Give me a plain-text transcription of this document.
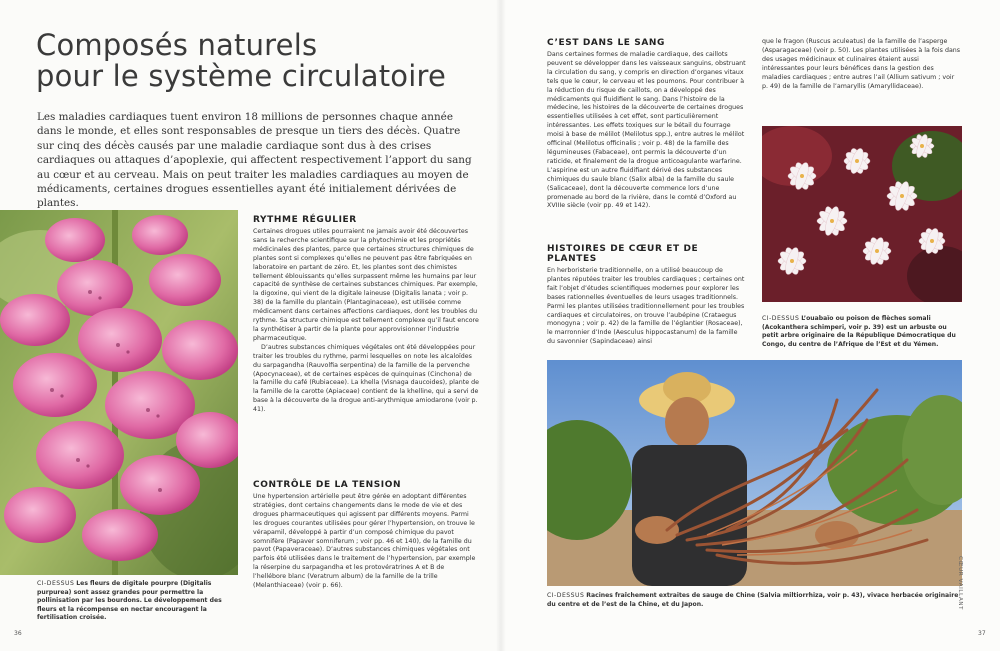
Composés naturels
pour le système circulatoire

Les maladies cardiaques tuent environ 18 millions de personnes chaque année dans le monde, et elles sont responsables de presque un tiers des décès. Quatre sur cinq des décès causés par une maladie cardiaque sont dus à des crises cardiaques ou attaques d’apoplexie, qui affectent respectivement l’apport du sang au cœur et au cerveau. Mais on peut traiter les maladies cardiaques au moyen de médicaments, certaines drogues essentielles ayant été initialement dérivées de plantes.

CI-DESSUS Les fleurs de digitale pourpre (Digitalis purpurea) sont assez grandes pour permettre la pollinisation par les bourdons. Le développement des fleurs et la récompense en nectar encouragent la fertilisation croisée.

RYTHME RÉGULIER

Certaines drogues utiles pourraient ne jamais avoir été découvertes sans la recherche scientifique sur la phytochimie et les propriétés médicinales des plantes, parce que certaines structures chimiques de plantes sont si complexes qu’elles ne peuvent pas être fabriquées en laboratoire en partant de zéro. Et, les plantes sont des chimistes tellement éblouissants qu’elles surpassent même les humains par leur capacité de synthèse de certaines substances chimiques. Par exemple, la digoxine, qui vient de la digitale laineuse (Digitalis lanata ; voir p. 38) de la famille du plantain (Plantaginaceae), est utilisée comme médicament dans certaines affections cardiaques, dont les troubles du rythme. Sa structure chimique est tellement complexe qu’il faut encore la synthétiser à partir de la plante pour approvisionner l’industrie pharmaceutique.

D’autres substances chimiques végétales ont été développées pour traiter les troubles du rythme, parmi lesquelles on note les alcaloïdes du sarpagandha (Rauvolfia serpentina) de la famille de la pervenche (Apocynaceae), et de certaines espèces de quinquinas (Cinchona) de la famille du café (Rubiaceae). La khella (Visnaga daucoides), plante de la famille de la carotte (Apiaceae) contient de la khelline, qui a servi de base à la découverte de la drogue anti-arythmique amiodarone (voir p. 41).

CONTRÔLE DE LA TENSION

Une hypertension artérielle peut être gérée en adoptant différentes stratégies, dont certains changements dans le mode de vie et des drogues pharmaceutiques qui agissent par différents moyens. Parmi les drogues courantes utilisées pour gérer l’hypertension, on trouve le vérapamil, développé à partir d’un composé chimique du pavot somnifère (Papaver somniferum ; voir pp. 46 et 140), de la famille du pavot (Papaveraceae). D’autres substances chimiques végétales ont parfois été utilisées dans le traitement de l’hypertension, par exemple la réserpine du sarpagandha et les protovératrines A et B de l’hellébore blanc (Veratrum album) de la famille de la trille (Melanthiaceae) (voir p. 66).

36
C’EST DANS LE SANG

Dans certaines formes de maladie cardiaque, des caillots peuvent se développer dans les vaisseaux sanguins, obstruant la circulation du sang, y compris en direction d’organes vitaux tels que le cœur, le cerveau et les poumons. Pour contribuer à la réduction du risque de caillots, on a développé des médicaments qui fluidifient le sang. Dans l’histoire de la médecine, les histoires de la découverte de certaines drogues essentielles utilisées à cet effet, sont particulièrement intéressantes. Les effets toxiques sur le bétail du fourrage moisi à base de mélilot (Melilotus spp.), entre autres le mélilot officinal (Melilotus officinalis ; voir p. 48) de la famille des légumineuses (Fabaceae), ont permis la découverte d’un raticide, et finalement de la drogue anticoagulante warfarine. L’aspirine est un autre fluidifiant dérivé des substances chimiques du saule blanc (Salix alba) de la famille du saule (Salicaceae), dont la découverte commence lors d’une promenade au bord de la rivière, dans le comté d’Oxford au XVIIIe siècle (voir pp. 49 et 142).

HISTOIRES DE CŒUR ET DE PLANTES

En herboristerie traditionnelle, on a utilisé beaucoup de plantes réputées traiter les troubles cardiaques ; certaines ont fait l’objet d’études scientifiques modernes pour explorer les bases rationnelles éventuelles de leurs usages traditionnels. Parmi les plantes utilisées traditionnellement pour les troubles cardiaques et circulatoires, on trouve l’aubépine (Crataegus monogyna ; voir p. 42) de la famille de l’églantier (Rosaceae), le marronnier d’Inde (Aesculus hippocastanum) de la famille du savonnier (Sapindaceae) ainsi

que le fragon (Ruscus aculeatus) de la famille de l’asperge (Asparagaceae) (voir p. 50). Les plantes utilisées à la fois dans des usages médicinaux et culinaires étaient aussi intéressantes pour leurs bénéfices dans la gestion des maladies cardiaques ; entre autres l’ail (Allium sativum ; voir p. 49) de la famille de l’amaryllis (Amaryllidaceae).

CI-DESSUS L’ouabaïo ou poison de flèches somali (Acokanthera schimperi, voir p. 39) est un arbuste ou petit arbre originaire de la République Démocratique du Congo, du centre de l’Afrique de l’Est et du Yémen.

CI-DESSUS Racines fraîchement extraites de sauge de Chine (Salvia miltiorrhiza, voir p. 43), vivace herbacée originaire du centre et de l’est de la Chine, et du Japon.	CŒUR VAILLANT
37
